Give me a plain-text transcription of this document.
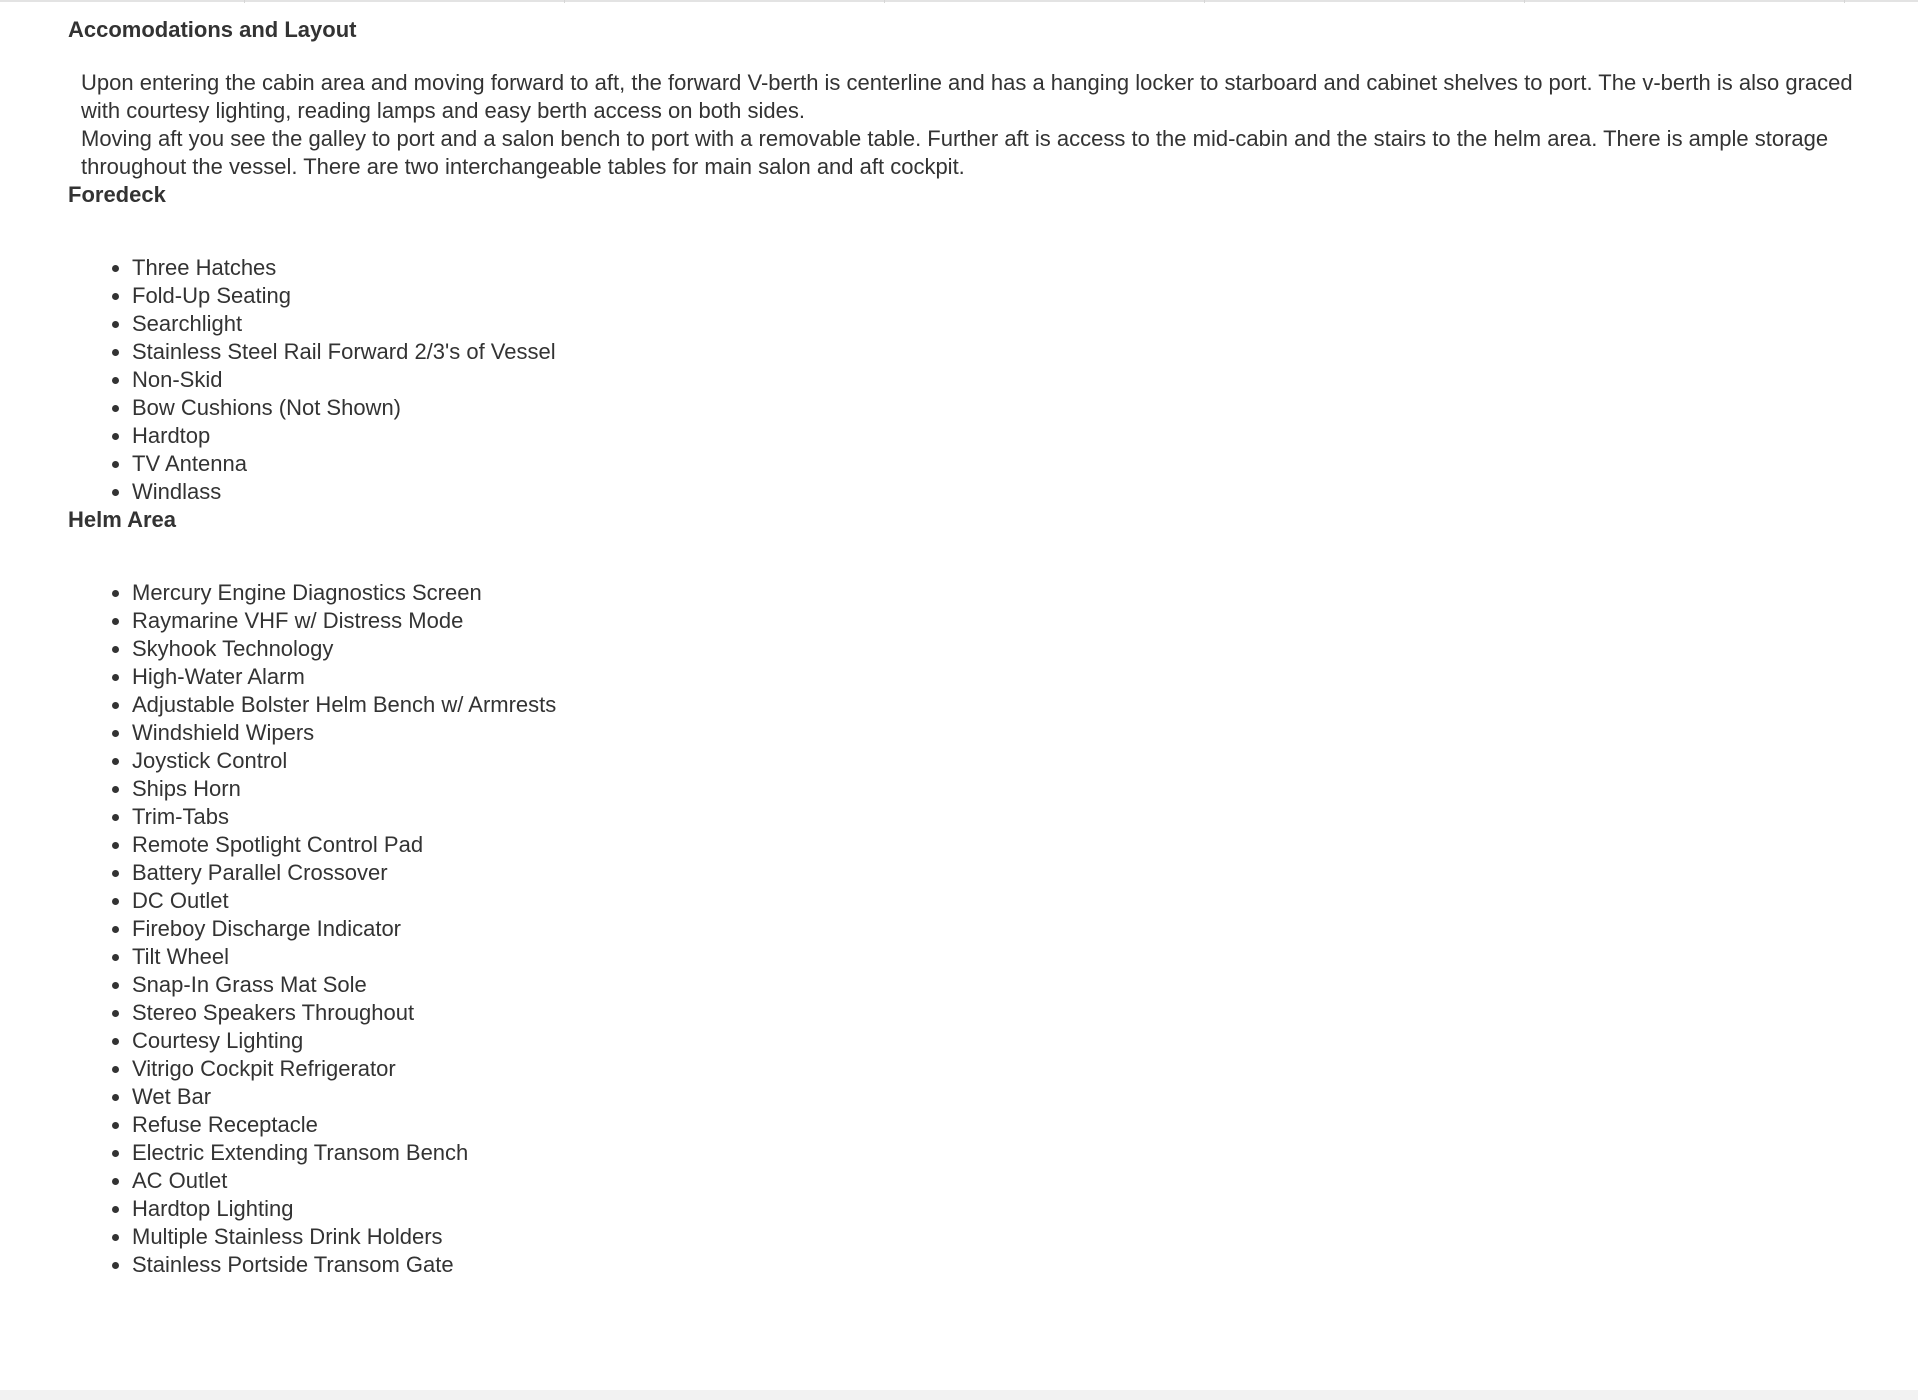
Accomodations and Layout

Upon entering the cabin area and moving forward to aft, the forward V-berth is centerline and has a hanging locker to starboard and cabinet shelves to port. The v-berth is also graced with courtesy lighting, reading lamps and easy berth access on both sides.

Moving aft you see the galley to port and a salon bench to port with a removable table. Further aft is access to the mid-cabin and the stairs to the helm area. There is ample storage throughout the vessel. There are two interchangeable tables for main salon and aft cockpit.

Foredeck
• Three Hatches
• Fold-Up Seating
• Searchlight
• Stainless Steel Rail Forward 2/3's of Vessel
• Non-Skid
• Bow Cushions (Not Shown)
• Hardtop
• TV Antenna
• Windlass
Helm Area
• Mercury Engine Diagnostics Screen
• Raymarine VHF w/ Distress Mode
• Skyhook Technology
• High-Water Alarm
• Adjustable Bolster Helm Bench w/ Armrests
• Windshield Wipers
• Joystick Control
• Ships Horn
• Trim-Tabs
• Remote Spotlight Control Pad
• Battery Parallel Crossover
• DC Outlet
• Fireboy Discharge Indicator
• Tilt Wheel
• Snap-In Grass Mat Sole
• Stereo Speakers Throughout
• Courtesy Lighting
• Vitrigo Cockpit Refrigerator
• Wet Bar
• Refuse Receptacle
• Electric Extending Transom Bench
• AC Outlet
• Hardtop Lighting
• Multiple Stainless Drink Holders
• Stainless Portside Transom Gate
